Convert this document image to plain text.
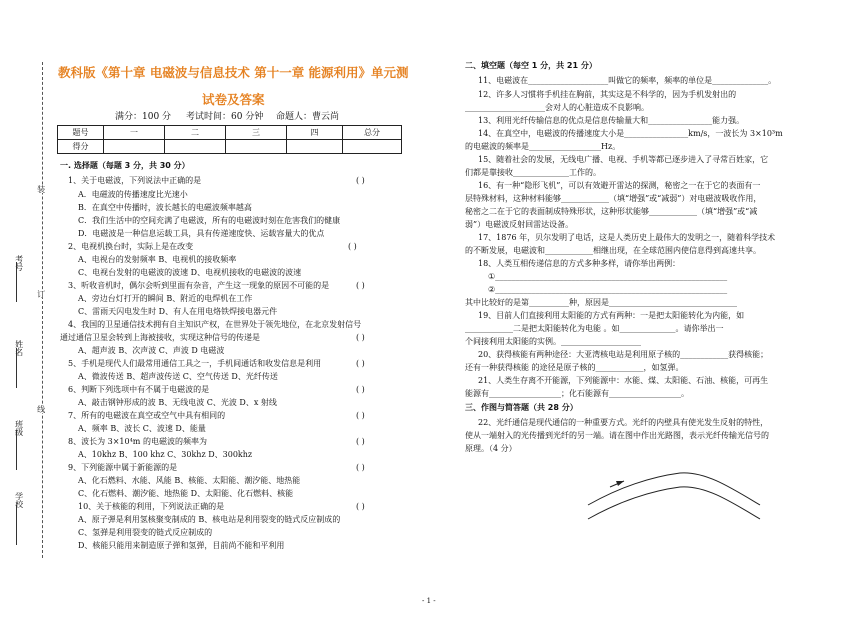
教科版《第十章 电磁波与信息技术 第十一章 能源利用》单元测
试卷及答案
满分：100 分 考试时间：60 分钟 命题人：曹云尚
题号	一	二	三	四	总分
得分					
装
订
线
考号
姓名
班级
学校
一. 选择题（每题 3 分，共 30 分）
1、关于电磁波，下列说法中正确的是
A．电磁波的传播速度比光速小
B．在真空中传播时，波长越长的电磁波频率越高
C．我们生活中的空间充满了电磁波，所有的电磁波时刻在危害我们的健康
D．电磁波是一种信息运载工具，具有传递速度快、运载容量大的优点
2、电视机换台时，实际上是在改变
A、电视台的发射频率 B、电视机的接收频率
C、电视台发射的电磁波的波速 D、电视机接收的电磁波的波速
3、听收音机时，偶尔会听到里面有杂音，产生这一现象的原因不可能的是
A、旁边台灯打开的瞬间 B、附近的电焊机在工作
C、雷雨天闪电发生时 D、有人在用电烙铁焊接电器元件
4、我国的卫星通信技术拥有自主知识产权，在世界处于领先地位，在北京发射信号
通过通信卫星会转到上海被接收，实现这种信号的传递是
A、超声波 B、次声波 C、声波 D 电磁波
5、手机是现代人们最常用通信工具之一，手机间通话和收发信息是利用
A、微波传送 B、超声波传送 C、空气传送 D、光纤传送
6、判断下列选项中有不属于电磁波的是
A、敲击钢钟形成的波 B、无线电波 C、光波 D、x 射线
7、所有的电磁波在真空或空气中具有相同的
A、频率 B、波长 C、波速 D、能量
8、波长为 3×10⁴m 的电磁波的频率为
A、10khz B、100 khz C、30khz D、300khz
9、下列能源中属于新能源的是
A、化石燃料、水能、风能 B、核能、太阳能、潮汐能、地热能
C、化石燃料、潮汐能、地热能 D、太阳能、化石燃料、核能
10、关于核能的利用，下列说法正确的是
A、原子弹是利用氢核聚变制成的 B、核电站是利用裂变的链式反应制成的
C、氢弹是利用裂变的链式反应制成的
D、核能只能用来制造原子弹和氢弹，目前尚不能和平利用
( )
( )
( )
( )
( )
( )
( )
( )
( )
( )
二、填空题（每空 1 分，共 21 分）
11、电磁波在____________________叫做它的频率，频率的单位是______________。
12、许多人习惯将手机挂在胸前，其实这是不科学的，因为手机发射出的
____________________会对人的心脏造成不良影响。
13、利用光纤传输信息的优点是信息传输量大和________________能力强。
14、在真空中，电磁波的传播速度大小是________________km/s，一波长为 3×10³m
的电磁波的频率是__________________Hz。
15、随着社会的发展，无线电广播、电视、手机等都已逐步进入了寻常百姓家，它
们都是靠接收______________工作的。
16、有一种“隐形飞机”，可以有效避开雷达的探测，秘密之一在于它的表面有一
层特殊材料，这种材料能够____________（填“增强”或“减弱”）对电磁波吸收作用，
秘密之二在于它的表面制成特殊形状，这种形状能够____________（填“增强”或“减
弱”）电磁波反射回雷达设备。
17、1876 年，贝尔发明了电话，这是人类历史上最伟大的发明之一，随着科学技术
的不断发展，电磁波和____________相继出现，在全球范围内使信息得到高速共享。
18、人类互相传递信息的方式多种多样，请你举出两例：
①__________________________________________________________
②__________________________________________________________
其中比较好的是第__________种，原因是________________________________
19、目前人们直接利用太阳能的方式有两种：一是把太阳能转化为内能，如
____________二是把太阳能转化为电能 。如______________。请你举出一
个间接利用太阳能的实例。____________________
20、获得核能有两种途径：大亚湾核电站是利用原子核的____________获得核能；
还有一种获得核能 的途径是原子核的____________，如氢弹。
21、人类生存离不开能源，下列能源中：水能、煤、太阳能、石油、核能，可再生
能源有__________________；化石能源有__________________。
三、作图与简答题（共 28 分）
22、光纤通信是现代通信的一种重要方式。光纤的内壁具有使光发生反射的特性，
使从一端射入的光传播到光纤的另一端。请在图中作出光路图，表示光纤传输光信号的
原理。（4 分）
- 1 -
